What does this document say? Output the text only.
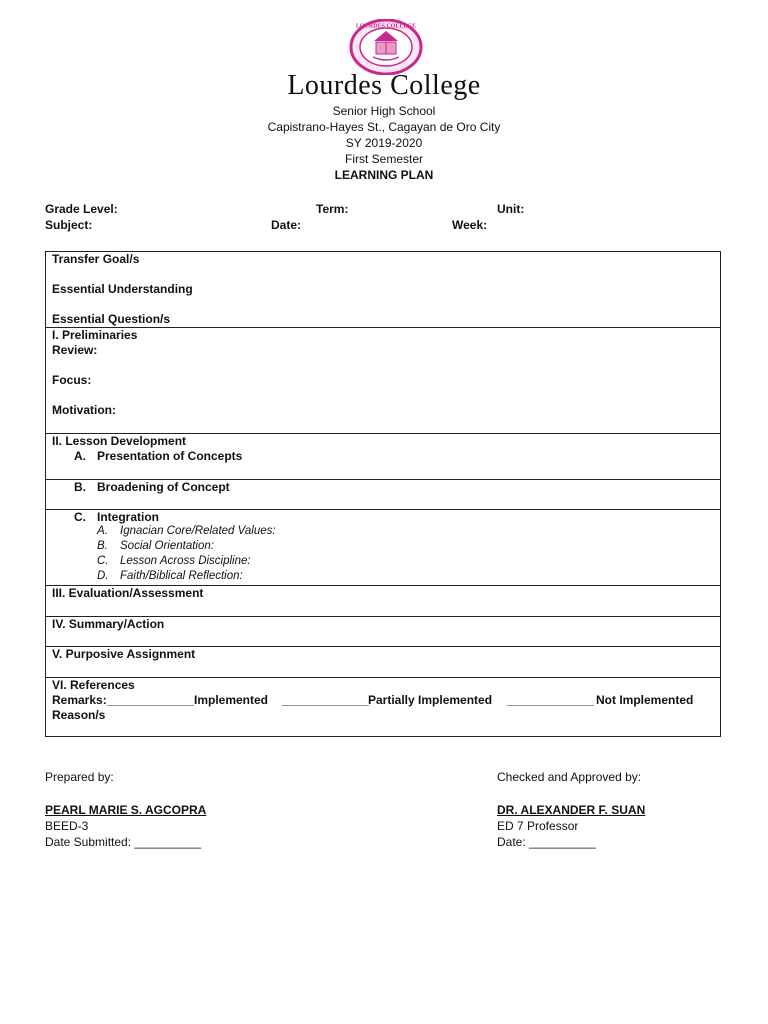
LOURDES COLLEGE
Lourdes College
Senior High School
Capistrano-Hayes St., Cagayan de Oro City
SY 2019-2020
First Semester
LEARNING PLAN
Grade Level:	Term:	Unit:
Subject:	Date:	Week:
Transfer Goal/s
Essential Understanding
Essential Question/s
I. Preliminaries
Review:
Focus:
Motivation:
II. Lesson Development
A. Presentation of Concepts
B. Broadening of Concept
C. Integration
A. Ignacian Core/Related Values:
B. Social Orientation:
C. Lesson Across Discipline:
D. Faith/Biblical Reflection:
III. Evaluation/Assessment
IV. Summary/Action
V. Purposive Assignment
VI. References
Remarks: _____________ Implemented _____________ Partially Implemented _____________ Not Implemented
Reason/s
Prepared by:
PEARL MARIE S. AGCOPRA
BEED-3
Date Submitted: __________
Checked and Approved by:
DR. ALEXANDER F. SUAN
ED 7 Professor
Date: __________
